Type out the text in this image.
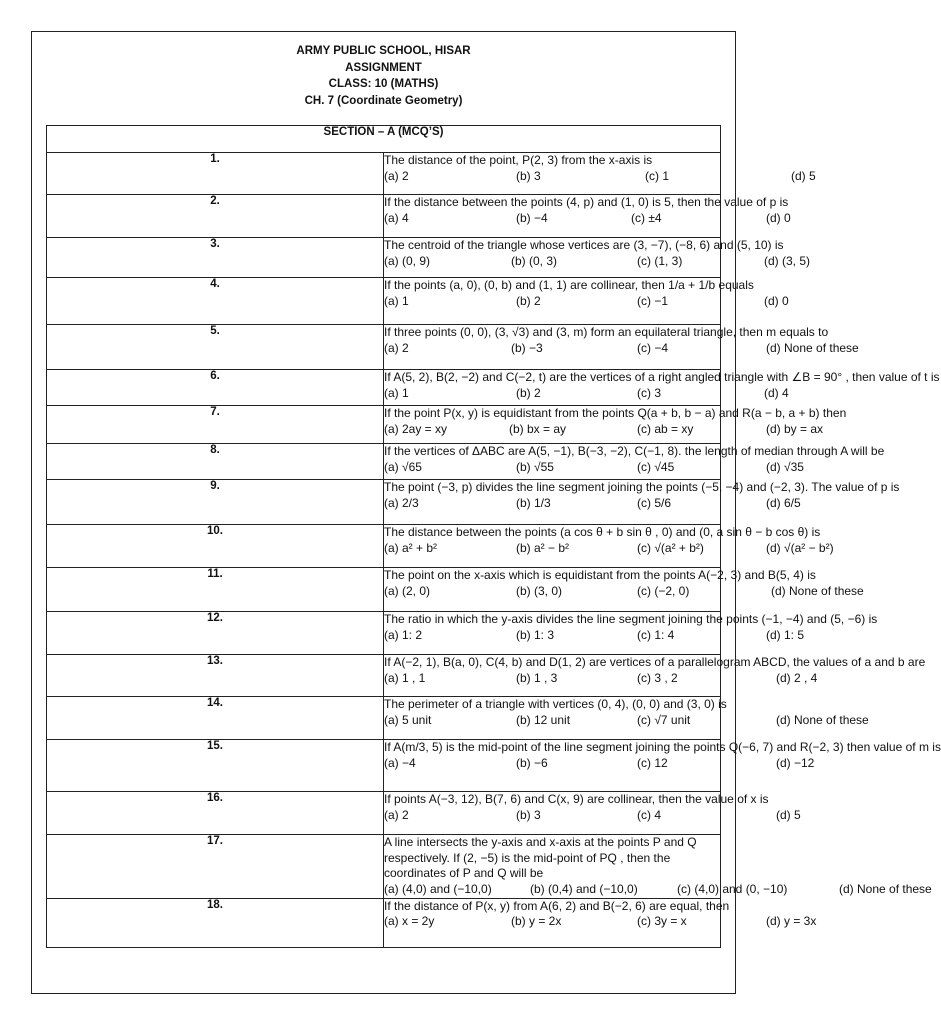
ARMY PUBLIC SCHOOL, HISAR
ASSIGNMENT
CLASS: 10 (MATHS)
CH. 7 (Coordinate Geometry)
SECTION – A (MCQ’S)	
1.	The distance of the point, P(2, 3) from the x-axis is
(a) 2 (b) 3 (c) 1 (d) 5

2.	If the distance between the points (4, p) and (1, 0) is 5, then the value of p is
(a) 4 (b) −4 (c) ±4 (d) 0

3.	The centroid of the triangle whose vertices are (3, −7), (−8, 6) and (5, 10) is
(a) (0, 9) (b) (0, 3) (c) (1, 3) (d) (3, 5)

4.	If the points (a, 0), (0, b) and (1, 1) are collinear, then 1/a + 1/b equals
(a) 1 (b) 2 (c) −1 (d) 0

5.	If three points (0, 0), (3, √3) and (3, m) form an equilateral triangle, then m equals to
(a) 2 (b) −3 (c) −4 (d) None of these

6.	If A(5, 2), B(2, −2) and C(−2, t) are the vertices of a right angled triangle with ∠B = 90° , then value of t is
(a) 1 (b) 2 (c) 3 (d) 4

7.	If the point P(x, y) is equidistant from the points Q(a + b, b − a) and R(a − b, a + b) then
(a) 2ay = xy (b) bx = ay (c) ab = xy (d) by = ax

8.	If the vertices of ΔABC are A(5, −1), B(−3, −2), C(−1, 8). the length of median through A will be
(a) √65 (b) √55 (c) √45 (d) √35

9.	The point (−3, p) divides the line segment joining the points (−5, −4) and (−2, 3). The value of p is
(a) 2/3 (b) 1/3 (c) 5/6 (d) 6/5

10.	The distance between the points (a cos θ + b sin θ , 0) and (0, a sin θ − b cos θ) is
(a) a² + b² (b) a² − b² (c) √(a² + b²) (d) √(a² − b²)

11.	The point on the x-axis which is equidistant from the points A(−2, 3) and B(5, 4) is
(a) (2, 0) (b) (3, 0) (c) (−2, 0) (d) None of these

12.	The ratio in which the y-axis divides the line segment joining the points (−1, −4) and (5, −6) is
(a) 1: 2 (b) 1: 3 (c) 1: 4 (d) 1: 5

13.	If A(−2, 1), B(a, 0), C(4, b) and D(1, 2) are vertices of a parallelogram ABCD, the values of a and b are
(a) 1 , 1 (b) 1 , 3 (c) 3 , 2 (d) 2 , 4

14.	The perimeter of a triangle with vertices (0, 4), (0, 0) and (3, 0) is
(a) 5 unit (b) 12 unit (c) √7 unit (d) None of these

15.	If A(m/3, 5) is the mid-point of the line segment joining the points Q(−6, 7) and R(−2, 3) then value of m is
(a) −4 (b) −6 (c) 12 (d) −12

16.	If points A(−3, 12), B(7, 6) and C(x, 9) are collinear, then the value of x is
(a) 2 (b) 3 (c) 4 (d) 5

17.	A line intersects the y-axis and x-axis at the points P and Q respectively. If (2, −5) is the mid-point of PQ , then the coordinates of P and Q will be
(a) (4,0) and (−10,0) (b) (0,4) and (−10,0) (c) (4,0) and (0, −10) (d) None of these

18.	If the distance of P(x, y) from A(6, 2) and B(−2, 6) are equal, then
(a) x = 2y (b) y = 2x (c) 3y = x (d) y = 3x
